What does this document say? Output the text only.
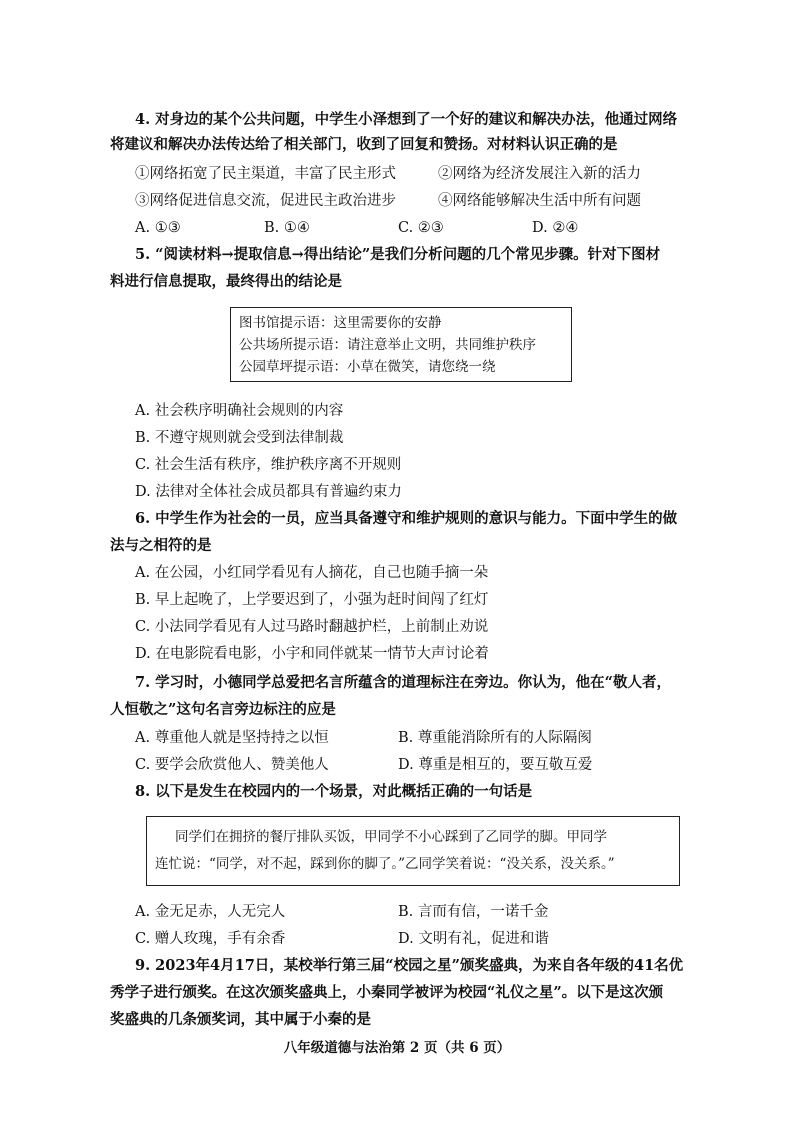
4. 对身边的某个公共问题，中学生小泽想到了一个好的建议和解决办法，他通过网络
将建议和解决办法传达给了相关部门，收到了回复和赞扬。对材料认识正确的是
①网络拓宽了民主渠道，丰富了民主形式	②网络为经济发展注入新的活力
③网络促进信息交流，促进民主政治进步	④网络能够解决生活中所有问题
A. ①③	B. ①④	C. ②③	D. ②④
5. “阅读材料→提取信息→得出结论”是我们分析问题的几个常见步骤。针对下图材
料进行信息提取，最终得出的结论是
图书馆提示语：这里需要你的安静
公共场所提示语：请注意举止文明，共同维护秩序
公园草坪提示语：小草在微笑，请您绕一绕
A. 社会秩序明确社会规则的内容
B. 不遵守规则就会受到法律制裁
C. 社会生活有秩序，维护秩序离不开规则
D. 法律对全体社会成员都具有普遍约束力
6. 中学生作为社会的一员，应当具备遵守和维护规则的意识与能力。下面中学生的做
法与之相符的是
A. 在公园，小红同学看见有人摘花，自己也随手摘一朵
B. 早上起晚了，上学要迟到了，小强为赶时间闯了红灯
C. 小法同学看见有人过马路时翻越护栏，上前制止劝说
D. 在电影院看电影，小宇和同伴就某一情节大声讨论着
7. 学习时，小德同学总爱把名言所蕴含的道理标注在旁边。你认为，他在“敬人者，
人恒敬之”这句名言旁边标注的应是
A. 尊重他人就是坚持持之以恒	B. 尊重能消除所有的人际隔阂
C. 要学会欣赏他人、赞美他人	D. 尊重是相互的，要互敬互爱
8. 以下是发生在校园内的一个场景，对此概括正确的一句话是
同学们在拥挤的餐厅排队买饭，甲同学不小心踩到了乙同学的脚。甲同学
连忙说：“同学，对不起，踩到你的脚了。”乙同学笑着说：“没关系，没关系。”
A. 金无足赤，人无完人	B. 言而有信，一诺千金
C. 赠人玫瑰，手有余香	D. 文明有礼，促进和谐
9. 2023年4月17日，某校举行第三届“校园之星”颁奖盛典，为来自各年级的41名优
秀学子进行颁奖。在这次颁奖盛典上，小秦同学被评为校园“礼仪之星”。以下是这次颁
奖盛典的几条颁奖词，其中属于小秦的是
八年级道德与法治第 2 页（共 6 页）
